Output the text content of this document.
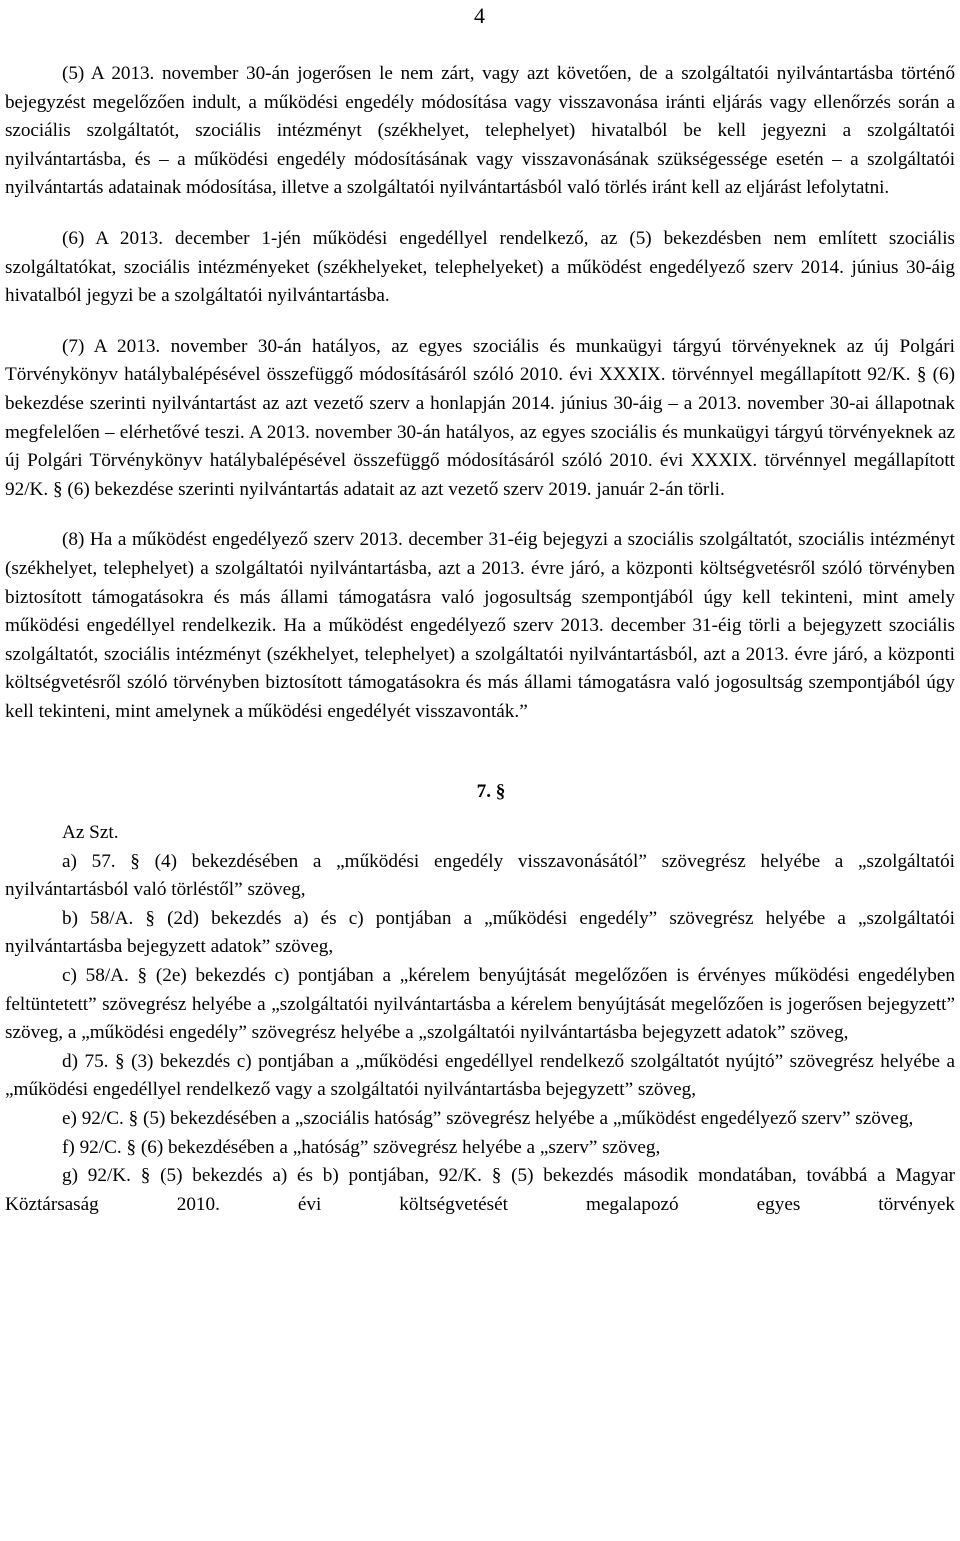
4

(5) A 2013. november 30-án jogerősen le nem zárt, vagy azt követően, de a szolgáltatói nyilvántartásba történő bejegyzést megelőzően indult, a működési engedély módosítása vagy visszavonása iránti eljárás vagy ellenőrzés során a szociális szolgáltatót, szociális intézményt (székhelyet, telephelyet) hivatalból be kell jegyezni a szolgáltatói nyilvántartásba, és – a működési engedély módosításának vagy visszavonásának szükségessége esetén – a szolgáltatói nyilvántartás adatainak módosítása, illetve a szolgáltatói nyilvántartásból való törlés iránt kell az eljárást lefolytatni.

(6) A 2013. december 1-jén működési engedéllyel rendelkező, az (5) bekezdésben nem említett szociális szolgáltatókat, szociális intézményeket (székhelyeket, telephelyeket) a működést engedélyező szerv 2014. június 30-áig hivatalból jegyzi be a szolgáltatói nyilvántartásba.

(7) A 2013. november 30-án hatályos, az egyes szociális és munkaügyi tárgyú törvényeknek az új Polgári Törvénykönyv hatálybalépésével összefüggő módosításáról szóló 2010. évi XXXIX. törvénnyel megállapított 92/K. § (6) bekezdése szerinti nyilvántartást az azt vezető szerv a honlapján 2014. június 30-áig – a 2013. november 30-ai állapotnak megfelelően – elérhetővé teszi. A 2013. november 30-án hatályos, az egyes szociális és munkaügyi tárgyú törvényeknek az új Polgári Törvénykönyv hatálybalépésével összefüggő módosításáról szóló 2010. évi XXXIX. törvénnyel megállapított 92/K. § (6) bekezdése szerinti nyilvántartás adatait az azt vezető szerv 2019. január 2-án törli.

(8) Ha a működést engedélyező szerv 2013. december 31-éig bejegyzi a szociális szolgáltatót, szociális intézményt (székhelyet, telephelyet) a szolgáltatói nyilvántartásba, azt a 2013. évre járó, a központi költségvetésről szóló törvényben biztosított támogatásokra és más állami támogatásra való jogosultság szempontjából úgy kell tekinteni, mint amely működési engedéllyel rendelkezik. Ha a működést engedélyező szerv 2013. december 31-éig törli a bejegyzett szociális szolgáltatót, szociális intézményt (székhelyet, telephelyet) a szolgáltatói nyilvántartásból, azt a 2013. évre járó, a központi költségvetésről szóló törvényben biztosított támogatásokra és más állami támogatásra való jogosultság szempontjából úgy kell tekinteni, mint amelynek a működési engedélyét visszavonták.”

7. §

Az Szt.

a) 57. § (4) bekezdésében a „működési engedély visszavonásától” szövegrész helyébe a „szolgáltatói nyilvántartásból való törléstől” szöveg,

b) 58/A. § (2d) bekezdés a) és c) pontjában a „működési engedély” szövegrész helyébe a „szolgáltatói nyilvántartásba bejegyzett adatok” szöveg,

c) 58/A. § (2e) bekezdés c) pontjában a „kérelem benyújtását megelőzően is érvényes működési engedélyben feltüntetett” szövegrész helyébe a „szolgáltatói nyilvántartásba a kérelem benyújtását megelőzően is jogerősen bejegyzett” szöveg, a „működési engedély” szövegrész helyébe a „szolgáltatói nyilvántartásba bejegyzett adatok” szöveg,

d) 75. § (3) bekezdés c) pontjában a „működési engedéllyel rendelkező szolgáltatót nyújtó” szövegrész helyébe a „működési engedéllyel rendelkező vagy a szolgáltatói nyilvántartásba bejegyzett” szöveg,

e) 92/C. § (5) bekezdésében a „szociális hatóság” szövegrész helyébe a „működést engedélyező szerv” szöveg,

f) 92/C. § (6) bekezdésében a „hatóság” szövegrész helyébe a „szerv” szöveg,

g) 92/K. § (5) bekezdés a) és b) pontjában, 92/K. § (5) bekezdés második mondatában, továbbá a Magyar Köztársaság 2010. évi költségvetését megalapozó egyes törvények
